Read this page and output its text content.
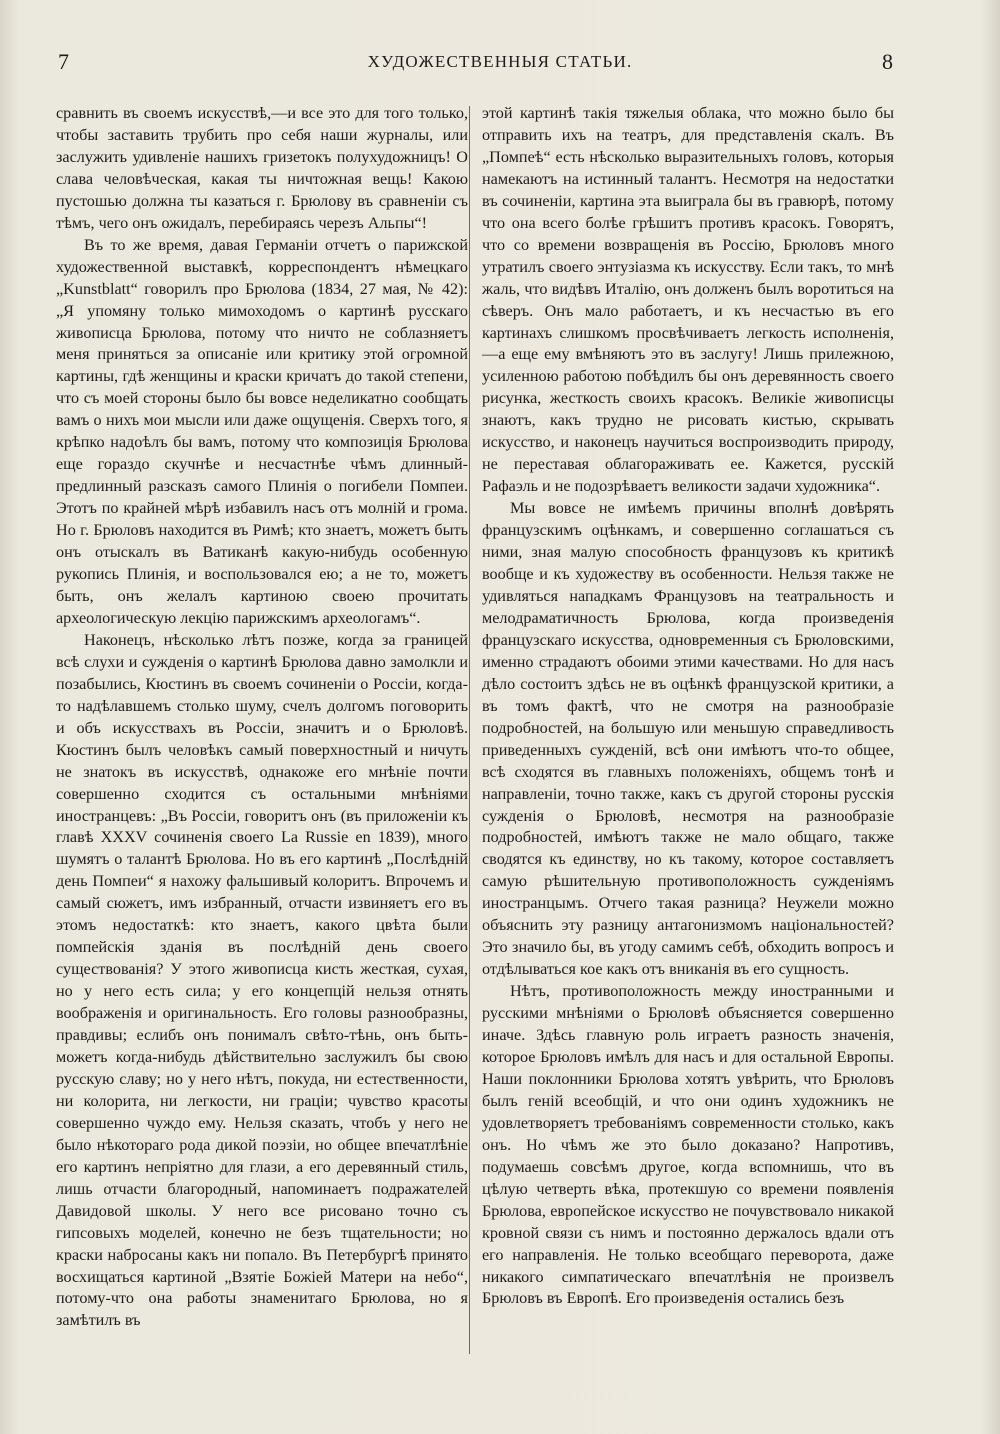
7	ХУДОЖЕСТВЕННЫЯ СТАТЬИ.	8

сравнить въ своемъ искусствѣ,—и все это для того только, чтобы заставить трубить про себя наши журналы, или заслужить удивленіе нашихъ гризетокъ полухудожницъ! О слава человѣческая, какая ты ничтожная вещь! Какою пустошью должна ты казаться г. Брюлову въ сравненіи съ тѣмъ, чего онъ ожидалъ, перебираясь черезъ Альпы“!

Въ то же время, давая Германіи отчетъ о парижской художественной выставкѣ, корреспондентъ нѣмецкаго „Kunstblatt“ говорилъ про Брюлова (1834, 27 мая, № 42): „Я упомяну только мимоходомъ о картинѣ русскаго живописца Брюлова, потому что ничто не соблазняетъ меня приняться за описаніе или критику этой огромной картины, гдѣ женщины и краски кричатъ до такой степени, что съ моей стороны было бы вовсе неделикатно сообщать вамъ о нихъ мои мысли или даже ощущенія. Сверхъ того, я крѣпко надоѣлъ бы вамъ, потому что композиція Брюлова еще гораздо скучнѣе и несчастнѣе чѣмъ длинный-предлинный разсказъ самого Плинія о погибели Помпеи. Этотъ по крайней мѣрѣ избавилъ насъ отъ молній и грома. Но г. Брюловъ находится въ Римѣ; кто знаетъ, можетъ быть онъ отыскалъ въ Ватиканѣ какую-нибудь особенную рукопись Плинія, и воспользовался ею; а не то, можетъ быть, онъ желалъ картиною своею прочитать археологическую лекцію парижскимъ археологамъ“.

Наконецъ, нѣсколько лѣтъ позже, когда за границей всѣ слухи и сужденія о картинѣ Брюлова давно замолкли и позабылись, Кюстинъ въ своемъ сочиненіи о Россіи, когда-то надѣлавшемъ столько шуму, счелъ долгомъ поговорить и объ искусствахъ въ Россіи, значитъ и о Брюловѣ. Кюстинъ былъ человѣкъ самый поверхностный и ничуть не знатокъ въ искусствѣ, однакоже его мнѣніе почти совершенно сходится съ остальными мнѣніями иностранцевъ: „Въ Россіи, говоритъ онъ (въ приложеніи къ главѣ XXXV сочиненія своего La Russie en 1839), много шумятъ о талантѣ Брюлова. Но въ его картинѣ „Послѣдній день Помпеи“ я нахожу фальшивый колоритъ. Впрочемъ и самый сюжетъ, имъ избранный, отчасти извиняетъ его въ этомъ недостаткѣ: кто знаетъ, какого цвѣта были помпейскія зданія въ послѣдній день своего существованія? У этого живописца кисть жесткая, сухая, но у него есть сила; у его концепцій нельзя отнять воображенія и оригинальность. Его головы разнообразны, правдивы; еслибъ онъ понималъ свѣто-тѣнь, онъ быть-можетъ когда-нибудь дѣйствительно заслужилъ бы свою русскую славу; но у него нѣтъ, покуда, ни естественности, ни колорита, ни легкости, ни граціи; чувство красоты совершенно чуждо ему. Нельзя сказать, чтобъ у него не было нѣкотораго рода дикой поэзіи, но общее впечатлѣніе его картинъ непріятно для глази, а его деревянный стиль, лишь отчасти благородный, напоминаетъ подражателей Давидовой школы. У него все рисовано точно съ гипсовыхъ моделей, конечно не безъ тщательности; но краски набросаны какъ ни попало. Въ Петербургѣ принято восхищаться картиной „Взятіе Божіей Матери на небо“, потому-что она работы знаменитаго Брюлова, но я замѣтилъ въ

этой картинѣ такія тяжелыя облака, что можно было бы отправить ихъ на театръ, для представленія скалъ. Въ „Помпеѣ“ есть нѣсколько выразительныхъ головъ, которыя намекаютъ на истинный талантъ. Несмотря на недостатки въ сочиненіи, картина эта выиграла бы въ гравюрѣ, потому что она всего болѣе грѣшитъ противъ красокъ. Говорятъ, что со времени возвращенія въ Россію, Брюловъ много утратилъ своего энтузіазма къ искусству. Если такъ, то мнѣ жаль, что видѣвъ Италію, онъ долженъ былъ воротиться на сѣверъ. Онъ мало работаетъ, и къ несчастью въ его картинахъ слишкомъ просвѣчиваетъ легкость исполненія,—а еще ему вмѣняютъ это въ заслугу! Лишь прилежною, усиленною работою побѣдилъ бы онъ деревянность своего рисунка, жесткость своихъ красокъ. Великіе живописцы знаютъ, какъ трудно не рисовать кистью, скрывать искусство, и наконецъ научиться воспроизводить природу, не переставая облагораживать ее. Кажется, русскій Рафаэль и не подозрѣваетъ великости задачи художника“.

Мы вовсе не имѣемъ причины вполнѣ довѣрять французскимъ оцѣнкамъ, и совершенно соглашаться съ ними, зная малую способность французовъ къ критикѣ вообще и къ художеству въ особенности. Нельзя также не удивляться нападкамъ Французовъ на театральность и мелодраматичность Брюлова, когда произведенія французскаго искусства, одновременныя съ Брюловскими, именно страдаютъ обоими этими качествами. Но для насъ дѣло состоитъ здѣсь не въ оцѣнкѣ французской критики, а въ томъ фактѣ, что не смотря на разнообразіе подробностей, на большую или меньшую справедливость приведенныхъ сужденій, всѣ они имѣютъ что-то общее, всѣ сходятся въ главныхъ положеніяхъ, общемъ тонѣ и направленіи, точно также, какъ съ другой стороны русскія сужденія о Брюловѣ, несмотря на разнообразіе подробностей, имѣютъ также не мало общаго, также сводятся къ единству, но къ такому, которое составляетъ самую рѣшительную противоположность сужденіямъ иностранцымъ. Отчего такая разница? Неужели можно объяснить эту разницу антагонизмомъ національностей? Это значило бы, въ угоду самимъ себѣ, обходить вопросъ и отдѣлываться кое какъ отъ вниканія въ его сущность.

Нѣтъ, противоположность между иностранными и русскими мнѣніями о Брюловѣ объясняется совершенно иначе. Здѣсь главную роль играетъ разность значенія, которое Брюловъ имѣлъ для насъ и для остальной Европы. Наши поклонники Брюлова хотятъ увѣрить, что Брюловъ былъ геній всеобщій, и что они одинъ художникъ не удовлетворяетъ требованіямъ современности столько, какъ онъ. Но чѣмъ же это было доказано? Напротивъ, подумаешь совсѣмъ другое, когда вспомнишь, что въ цѣлую четверть вѣка, протекшую со времени появленія Брюлова, европейское искусство не почувствовало никакой кровной связи съ нимъ и постоянно держалось вдали отъ его направленія. Не только всеобщаго переворота, даже никакого симпатическаго впечатлѣнія не произвелъ Брюловъ въ Европѣ. Его произведенія остались безъ
